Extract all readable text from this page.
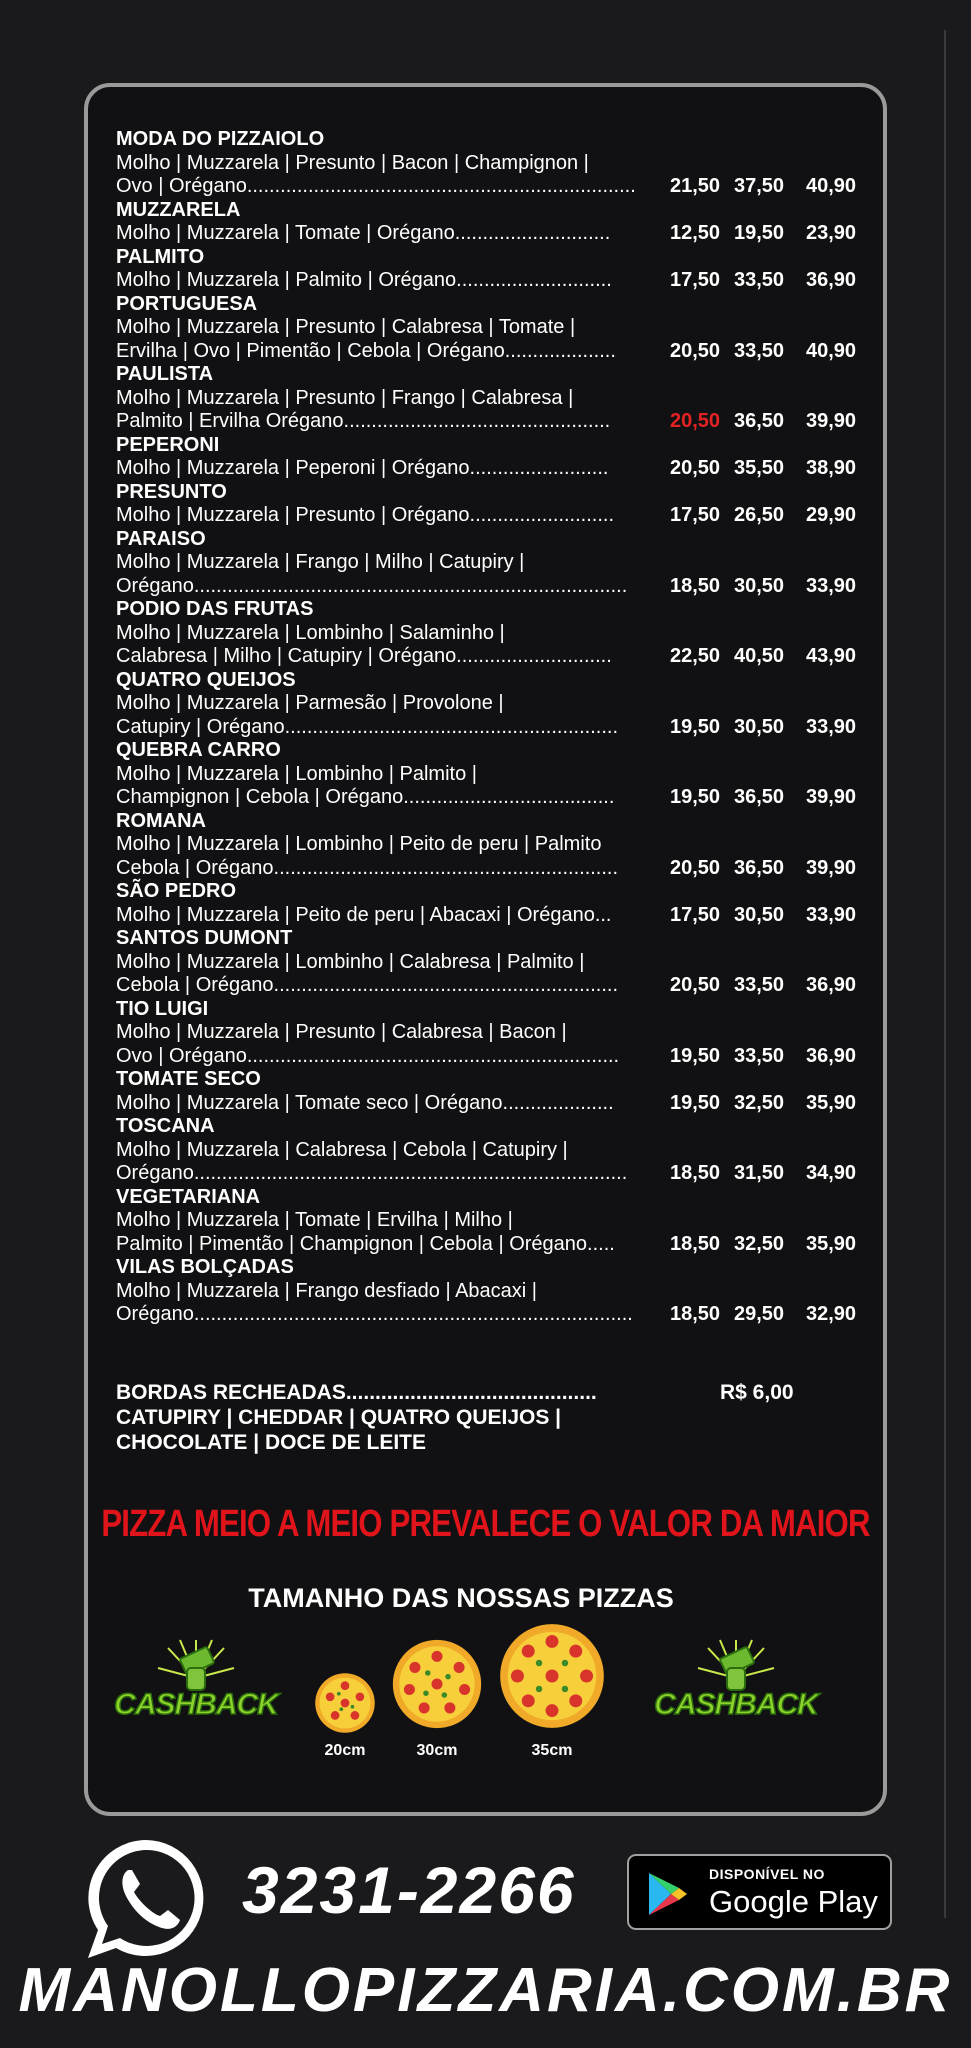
MODA DO PIZZAIOLO
Molho | Muzzarela | Presunto | Bacon | Champignon |
Ovo | Orégano......................................................................	21,50 37,50 40,90
MUZZARELA
Molho | Muzzarela | Tomate | Orégano............................	12,50 19,50 23,90
PALMITO
Molho | Muzzarela | Palmito | Orégano............................	17,50 33,50 36,90
PORTUGUESA
Molho | Muzzarela | Presunto | Calabresa | Tomate |
Ervilha | Ovo | Pimentão | Cebola | Orégano....................	20,50 33,50 40,90
PAULISTA
Molho | Muzzarela | Presunto | Frango | Calabresa |
Palmito | Ervilha Orégano................................................	20,50 36,50 39,90
PEPERONI
Molho | Muzzarela | Peperoni | Orégano.........................	20,50 35,50 38,90
PRESUNTO
Molho | Muzzarela | Presunto | Orégano..........................	17,50 26,50 29,90
PARAISO
Molho | Muzzarela | Frango | Milho | Catupiry |
Orégano..............................................................................	18,50 30,50 33,90
PODIO DAS FRUTAS
Molho | Muzzarela | Lombinho | Salaminho |
Calabresa | Milho | Catupiry | Orégano............................	22,50 40,50 43,90
QUATRO QUEIJOS
Molho | Muzzarela | Parmesão | Provolone |
Catupiry | Orégano............................................................	19,50 30,50 33,90
QUEBRA CARRO
Molho | Muzzarela | Lombinho | Palmito |
Champignon | Cebola | Orégano......................................	19,50 36,50 39,90
ROMANA
Molho | Muzzarela | Lombinho | Peito de peru | Palmito
Cebola | Orégano..............................................................	20,50 36,50 39,90
SÃO PEDRO
Molho | Muzzarela | Peito de peru | Abacaxi | Orégano...	17,50 30,50 33,90
SANTOS DUMONT
Molho | Muzzarela | Lombinho | Calabresa | Palmito |
Cebola | Orégano..............................................................	20,50 33,50 36,90
TIO LUIGI
Molho | Muzzarela | Presunto | Calabresa | Bacon |
Ovo | Orégano...................................................................	19,50 33,50 36,90
TOMATE SECO
Molho | Muzzarela | Tomate seco | Orégano....................	19,50 32,50 35,90
TOSCANA
Molho | Muzzarela | Calabresa | Cebola | Catupiry |
Orégano..............................................................................	18,50 31,50 34,90
VEGETARIANA
Molho | Muzzarela | Tomate | Ervilha | Milho |
Palmito | Pimentão | Champignon | Cebola | Orégano.....	18,50 32,50 35,90
VILAS BOLÇADAS
Molho | Muzzarela | Frango desfiado | Abacaxi |
Orégano...............................................................................	18,50 29,50 32,90
BORDAS RECHEADAS...........................................	R$ 6,00
CATUPIRY | CHEDDAR | QUATRO QUEIJOS |
CHOCOLATE | DOCE DE LEITE
PIZZA MEIO A MEIO PREVALECE O VALOR DA MAIOR
TAMANHO DAS NOSSAS PIZZAS
CASHBACK	CASHBACK
20cm	30cm	35cm
3231-2266	DISPONÍVEL NO
Google Play
MANOLLOPIZZARIA.COM.BR
